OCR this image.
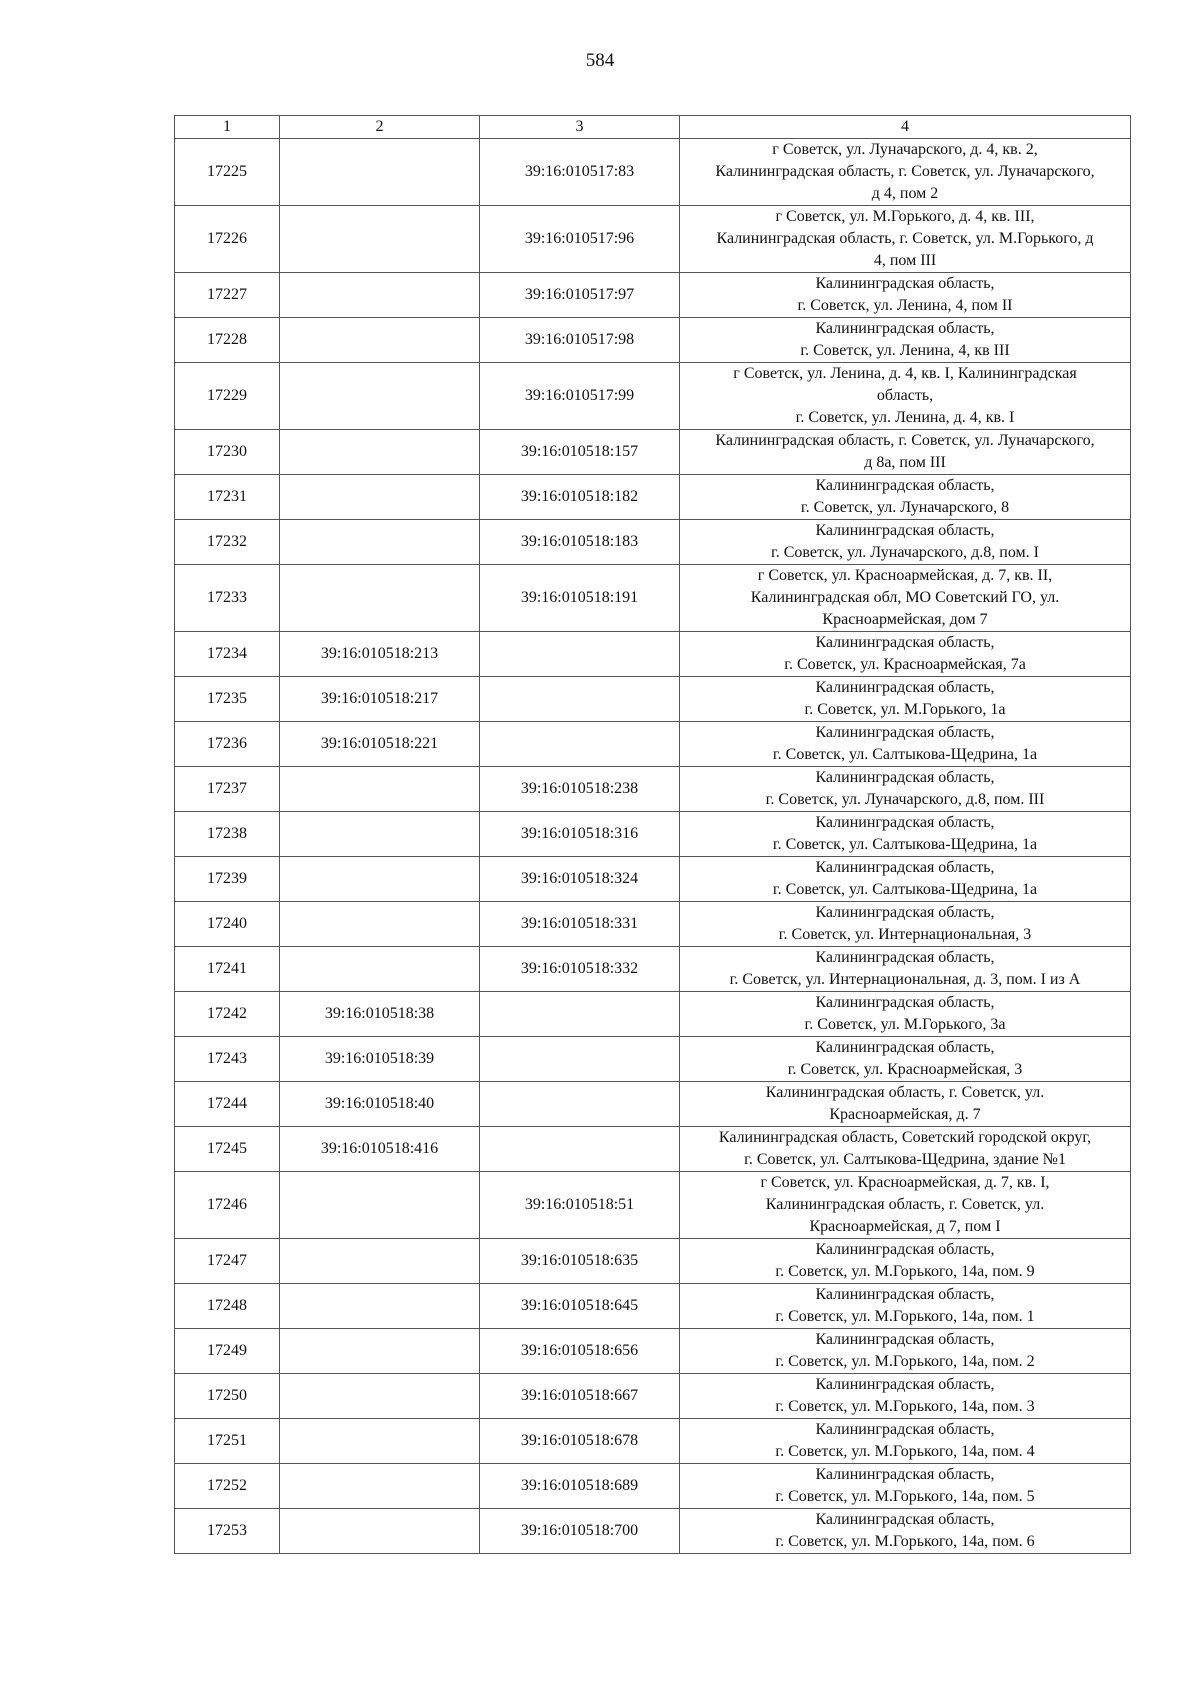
584
1	2	3	4
17225		39:16:010517:83	г Советск, ул. Луначарского, д. 4, кв. 2,
Калининградская область, г. Советск, ул. Луначарского,
д 4, пом 2
17226		39:16:010517:96	г Советск, ул. М.Горького, д. 4, кв. III,
Калининградская область, г. Советск, ул. М.Горького, д
4, пом III
17227		39:16:010517:97	Калининградская область,
г. Советск, ул. Ленина, 4, пом II
17228		39:16:010517:98	Калининградская область,
г. Советск, ул. Ленина, 4, кв III
17229		39:16:010517:99	г Советск, ул. Ленина, д. 4, кв. I, Калининградская
область,
г. Советск, ул. Ленина, д. 4, кв. I
17230		39:16:010518:157	Калининградская область, г. Советск, ул. Луначарского,
д 8а, пом III
17231		39:16:010518:182	Калининградская область,
г. Советск, ул. Луначарского, 8
17232		39:16:010518:183	Калининградская область,
г. Советск, ул. Луначарского, д.8, пом. I
17233		39:16:010518:191	г Советск, ул. Красноармейская, д. 7, кв. II,
Калининградская обл, МО Советский ГО, ул.
Красноармейская, дом 7
17234	39:16:010518:213		Калининградская область,
г. Советск, ул. Красноармейская, 7а
17235	39:16:010518:217		Калининградская область,
г. Советск, ул. М.Горького, 1а
17236	39:16:010518:221		Калининградская область,
г. Советск, ул. Салтыкова-Щедрина, 1а
17237		39:16:010518:238	Калининградская область,
г. Советск, ул. Луначарского, д.8, пом. III
17238		39:16:010518:316	Калининградская область,
г. Советск, ул. Салтыкова-Щедрина, 1а
17239		39:16:010518:324	Калининградская область,
г. Советск, ул. Салтыкова-Щедрина, 1а
17240		39:16:010518:331	Калининградская область,
г. Советск, ул. Интернациональная, 3
17241		39:16:010518:332	Калининградская область,
г. Советск, ул. Интернациональная, д. 3, пом. I из А
17242	39:16:010518:38		Калининградская область,
г. Советск, ул. М.Горького, 3а
17243	39:16:010518:39		Калининградская область,
г. Советск, ул. Красноармейская, 3
17244	39:16:010518:40		Калининградская область, г. Советск, ул.
Красноармейская, д. 7
17245	39:16:010518:416		Калининградская область, Советский городской округ,
г. Советск, ул. Салтыкова-Щедрина, здание №1
17246		39:16:010518:51	г Советск, ул. Красноармейская, д. 7, кв. I,
Калининградская область, г. Советск, ул.
Красноармейская, д 7, пом I
17247		39:16:010518:635	Калининградская область,
г. Советск, ул. М.Горького, 14а, пом. 9
17248		39:16:010518:645	Калининградская область,
г. Советск, ул. М.Горького, 14а, пом. 1
17249		39:16:010518:656	Калининградская область,
г. Советск, ул. М.Горького, 14а, пом. 2
17250		39:16:010518:667	Калининградская область,
г. Советск, ул. М.Горького, 14а, пом. 3
17251		39:16:010518:678	Калининградская область,
г. Советск, ул. М.Горького, 14а, пом. 4
17252		39:16:010518:689	Калининградская область,
г. Советск, ул. М.Горького, 14а, пом. 5
17253		39:16:010518:700	Калининградская область,
г. Советск, ул. М.Горького, 14а, пом. 6
